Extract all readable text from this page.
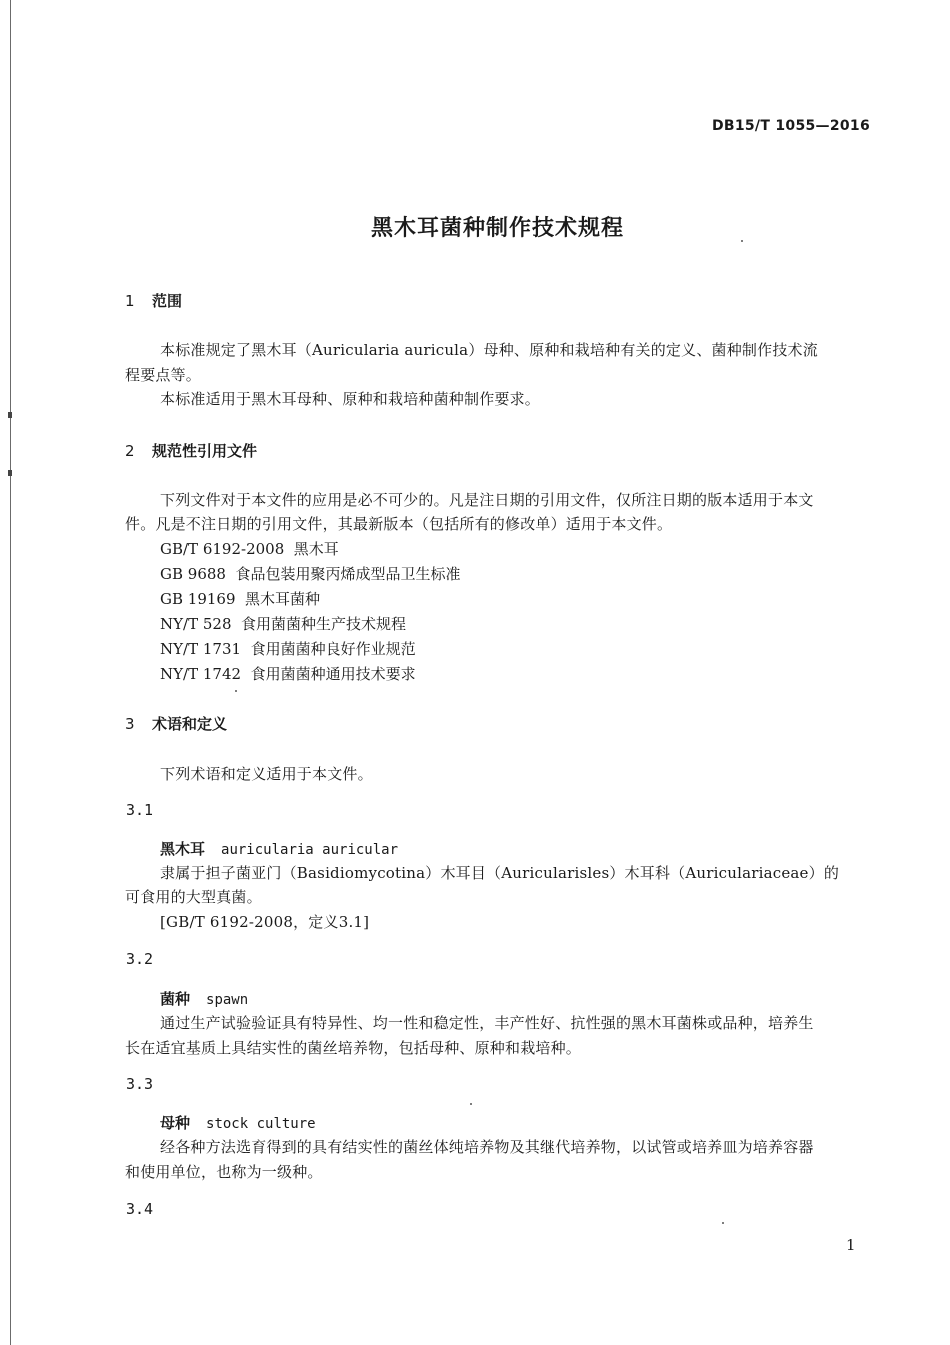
DB15/T 1055—2016
黑木耳菌种制作技术规程
1 范围
本标准规定了黑木耳（Auricularia auricula）母种、原种和栽培种有关的定义、菌种制作技术流
程要点等。
本标准适用于黑木耳母种、原种和栽培种菌种制作要求。
2 规范性引用文件
下列文件对于本文件的应用是必不可少的。凡是注日期的引用文件，仅所注日期的版本适用于本文
件。凡是不注日期的引用文件，其最新版本（包括所有的修改单）适用于本文件。
GB/T 6192-2008 黑木耳
GB 9688 食品包装用聚丙烯成型品卫生标准
GB 19169 黑木耳菌种
NY/T 528 食用菌菌种生产技术规程
NY/T 1731 食用菌菌种良好作业规范
NY/T 1742 食用菌菌种通用技术要求
3 术语和定义
下列术语和定义适用于本文件。
3.1
黑木耳 auricularia auricular
隶属于担子菌亚门（Basidiomycotina）木耳目（Auricularisles）木耳科（Auriculariaceae）的
可食用的大型真菌。
[GB/T 6192-2008，定义3.1]
3.2
菌种 spawn
通过生产试验验证具有特异性、均一性和稳定性，丰产性好、抗性强的黑木耳菌株或品种，培养生
长在适宜基质上具结实性的菌丝培养物，包括母种、原种和栽培种。
3.3
母种 stock culture
经各种方法选育得到的具有结实性的菌丝体纯培养物及其继代培养物，以试管或培养皿为培养容器
和使用单位，也称为一级种。
3.4
1
